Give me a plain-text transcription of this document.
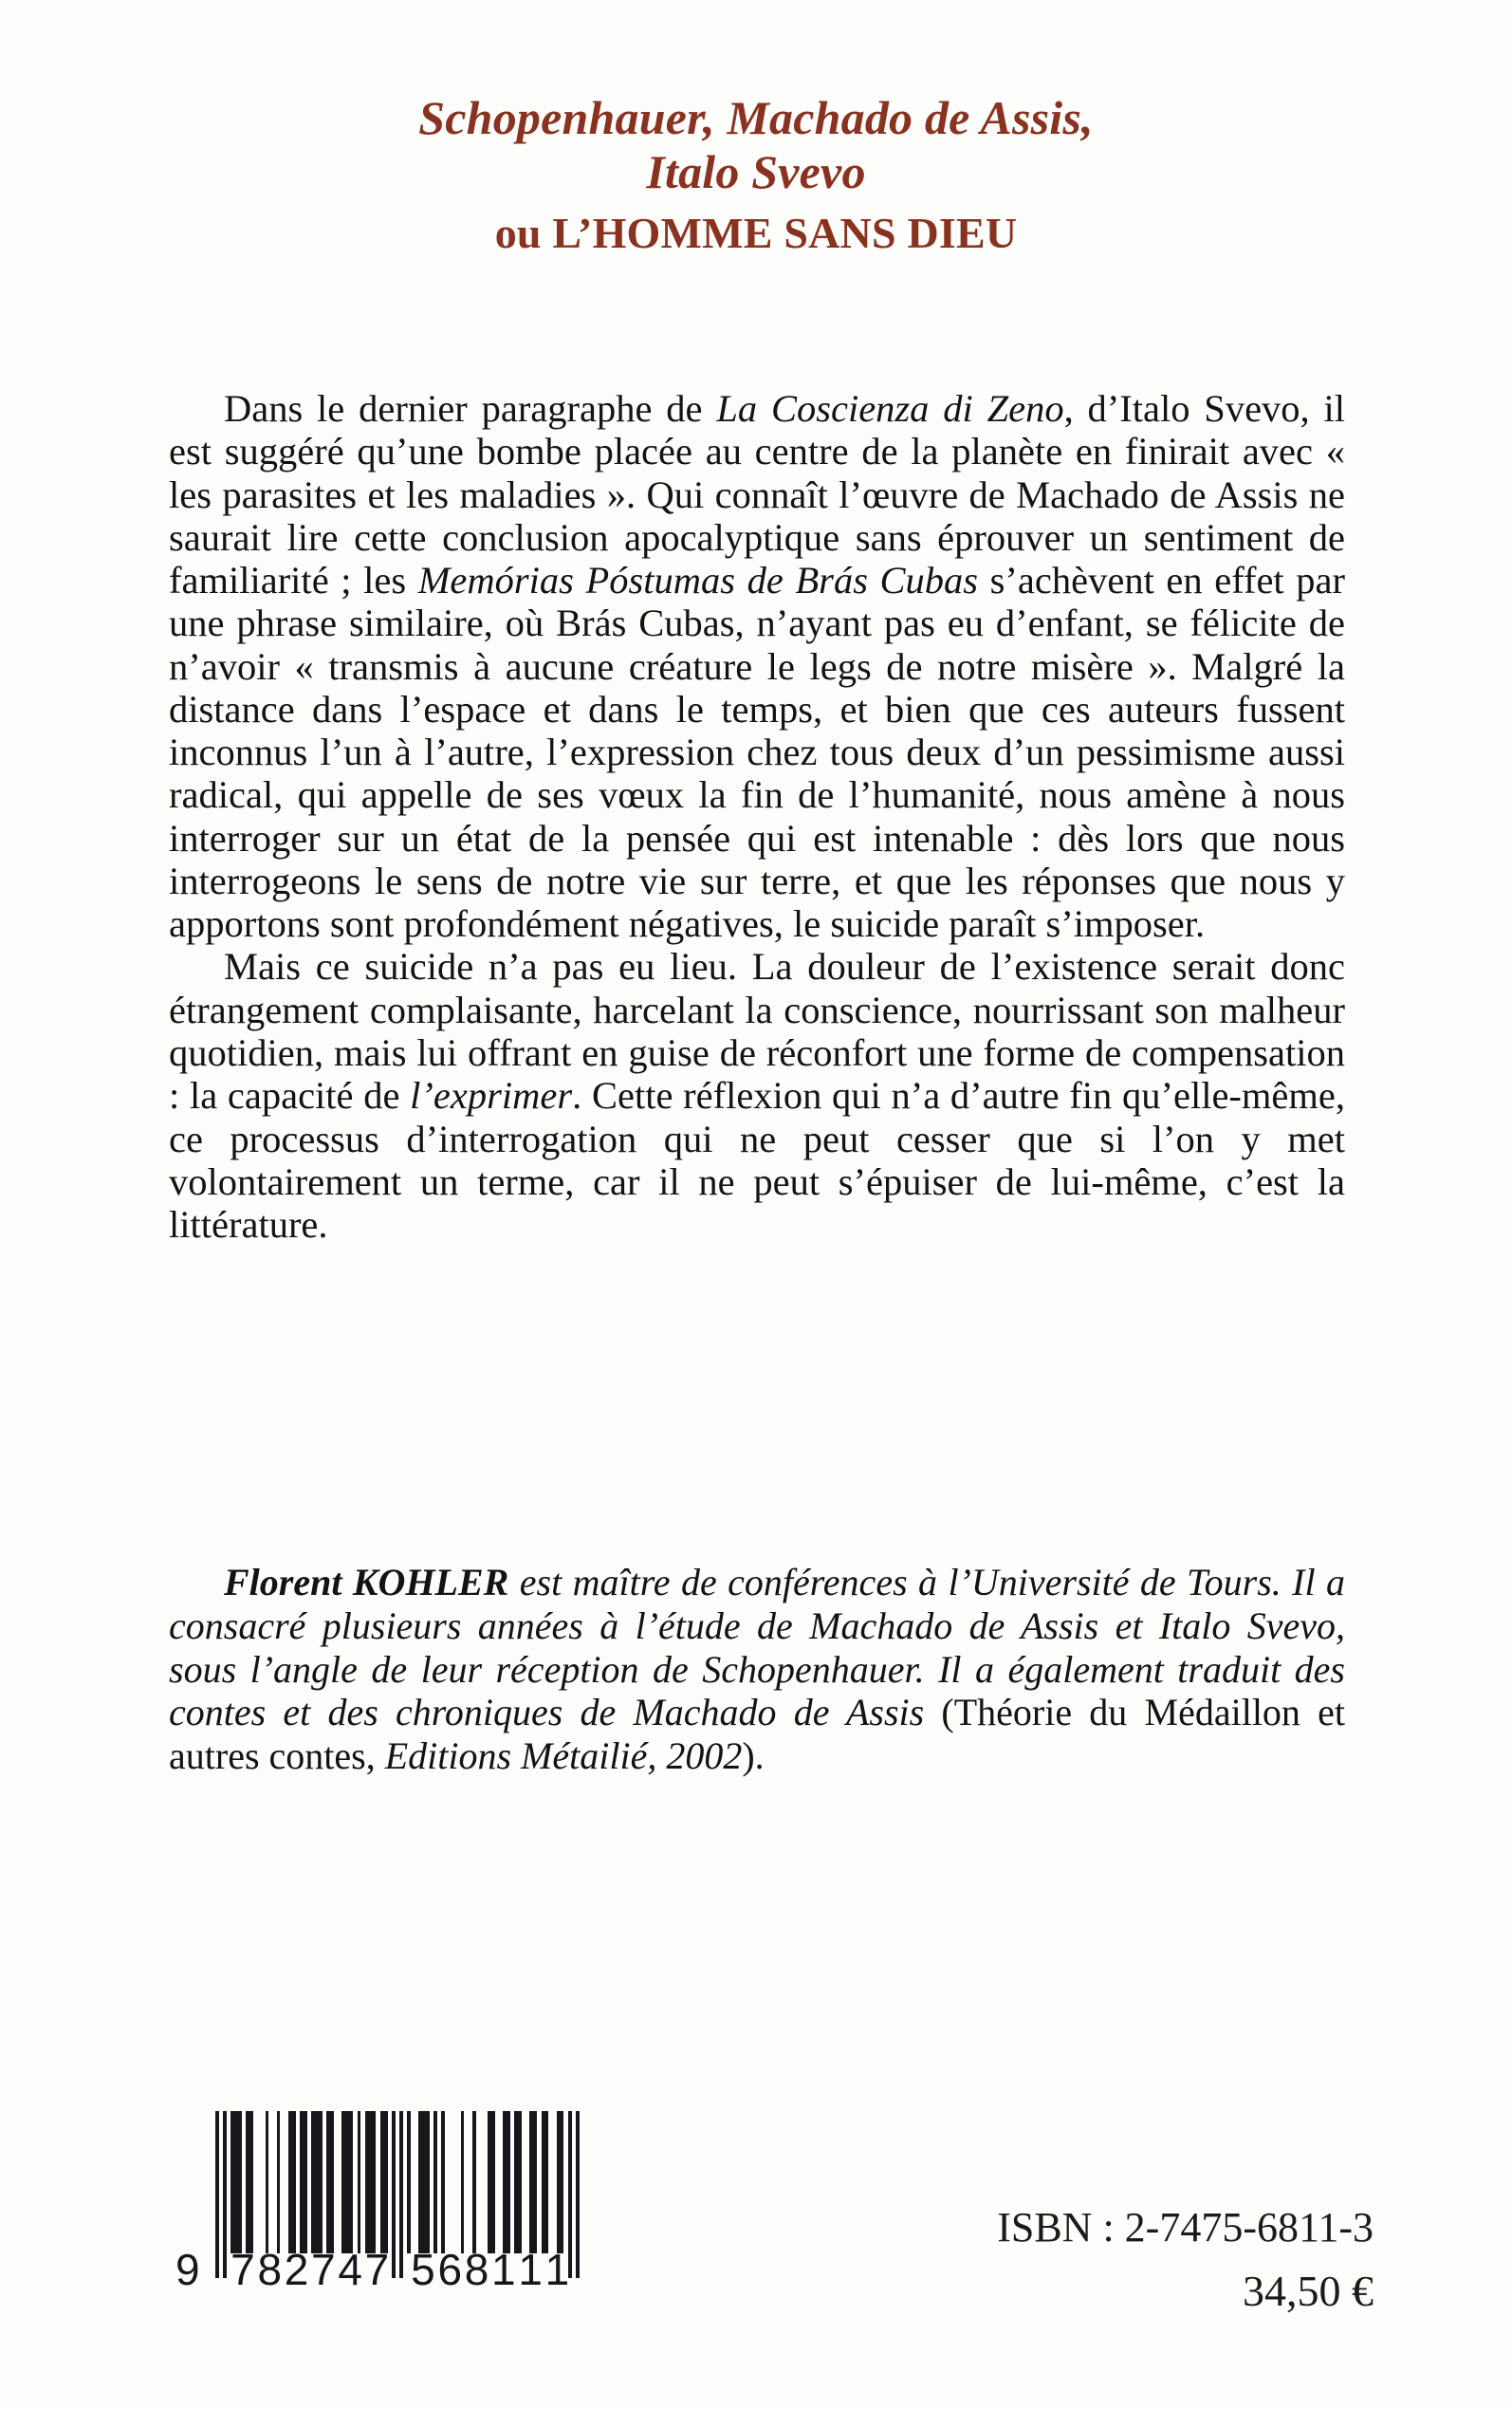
Schopenhauer, Machado de Assis,
Italo Svevo
ou L’HOMME SANS DIEU

Dans le dernier paragraphe de La Coscienza di Zeno, d’Italo Svevo, il est suggéré qu’une bombe placée au centre de la planète en finirait avec « les parasites et les maladies ». Qui connaît l’œuvre de Machado de Assis ne saurait lire cette conclusion apocalyptique sans éprouver un sentiment de familiarité ; les Memórias Póstumas de Brás Cubas s’achèvent en effet par une phrase similaire, où Brás Cubas, n’ayant pas eu d’enfant, se félicite de n’avoir « transmis à aucune créature le legs de notre misère ». Malgré la distance dans l’espace et dans le temps, et bien que ces auteurs fussent inconnus l’un à l’autre, l’expression chez tous deux d’un pessimisme aussi radical, qui appelle de ses vœux la fin de l’humanité, nous amène à nous interroger sur un état de la pensée qui est intenable : dès lors que nous interrogeons le sens de notre vie sur terre, et que les réponses que nous y apportons sont profondément négatives, le suicide paraît s’imposer.

Mais ce suicide n’a pas eu lieu. La douleur de l’existence serait donc étrangement complaisante, harcelant la conscience, nourrissant son malheur quotidien, mais lui offrant en guise de réconfort une forme de compensation : la capacité de l’exprimer. Cette réflexion qui n’a d’autre fin qu’elle-même, ce processus d’interrogation qui ne peut cesser que si l’on y met volontairement un terme, car il ne peut s’épuiser de lui-même, c’est la littérature.

Florent KOHLER est maître de conférences à l’Université de Tours. Il a consacré plusieurs années à l’étude de Machado de Assis et Italo Svevo, sous l’angle de leur réception de Schopenhauer. Il a également traduit des contes et des chroniques de Machado de Assis (Théorie du Médaillon et autres contes, Editions Métailié, 2002).

9 7 8 2 7 4 7 5 6 8 1 1 1
ISBN : 2-7475-6811-3
34,50 €
